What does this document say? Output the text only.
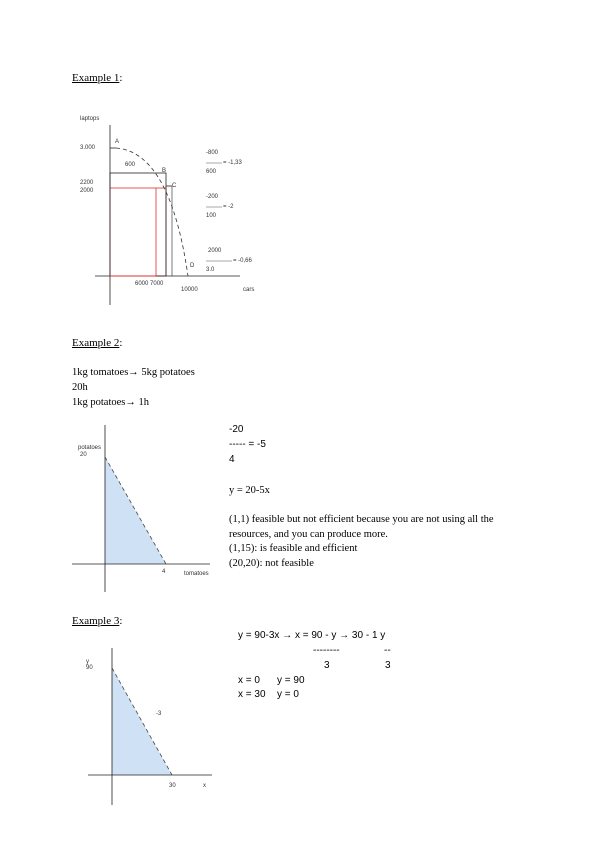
Example 1:
laptops
3.000
2200
2000
A
600
B
C
D
6000 7000
10000	cars
-800
= -1,33
600
-200
= -2
100
2000
= -0,66
3.0
Example 2:
1kg tomatoes→ 5kg potatoes
20h
1kg potatoes→ 1h
potatoes
20
4	tomatoes
-20
----- = -5
4
y = 20-5x
(1,1) feasible but not efficient because you are not using all the
resources, and you can produce more.
(1,15): is feasible and efficient
(20,20): not feasible
Example 3:
y
90
-3
30	x
y = 90-3x → x = 90 - y → 30 - 1 y
--------	--
3	3
x = 0 y = 90
x = 30 y = 0
